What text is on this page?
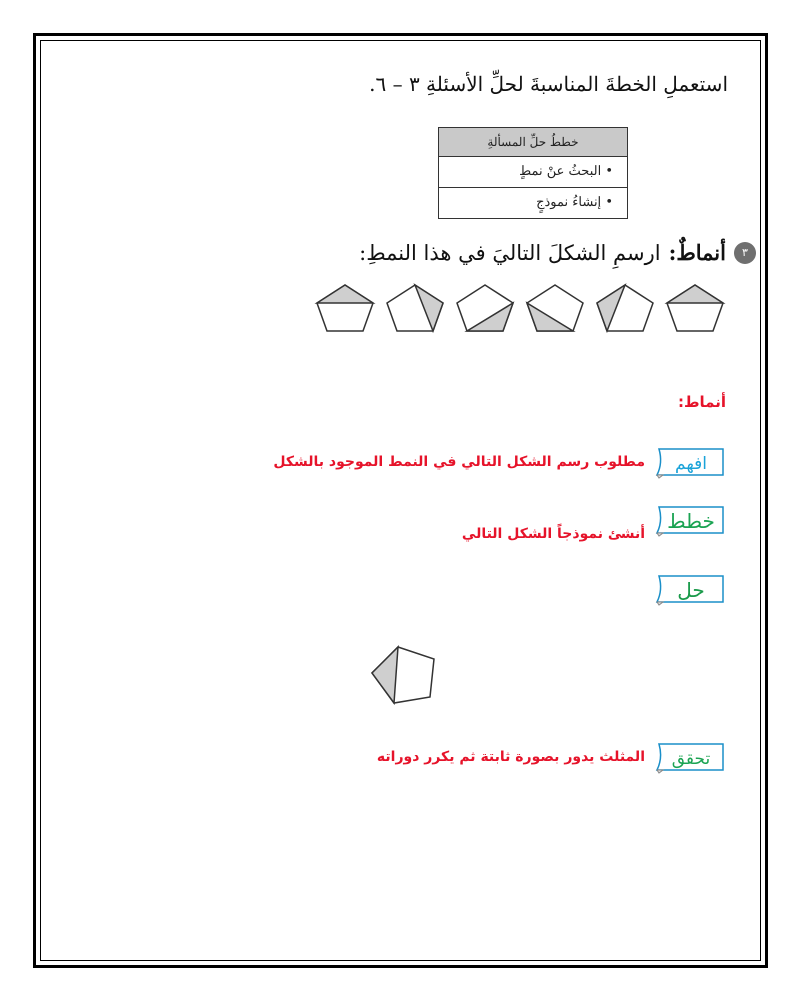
استعملِ الخطةَ المناسبةَ لحلِّ الأسئلةِ ٣ – ٦.
خططُ حلِّ المسألةِ
• البحثُ عنْ نمطٍ
• إنشاءُ نموذجٍ
٣
أنماطٌ:
ارسمِ الشكلَ التاليَ في هذا النمطِ:
أنماط:
افهم
مطلوب رسم الشكل التالي في النمط الموجود بالشكل
خطط
أنشئ نموذجاً الشكل التالي
حل
تحقق
المثلث يدور بصورة ثابتة ثم يكرر دوراته
